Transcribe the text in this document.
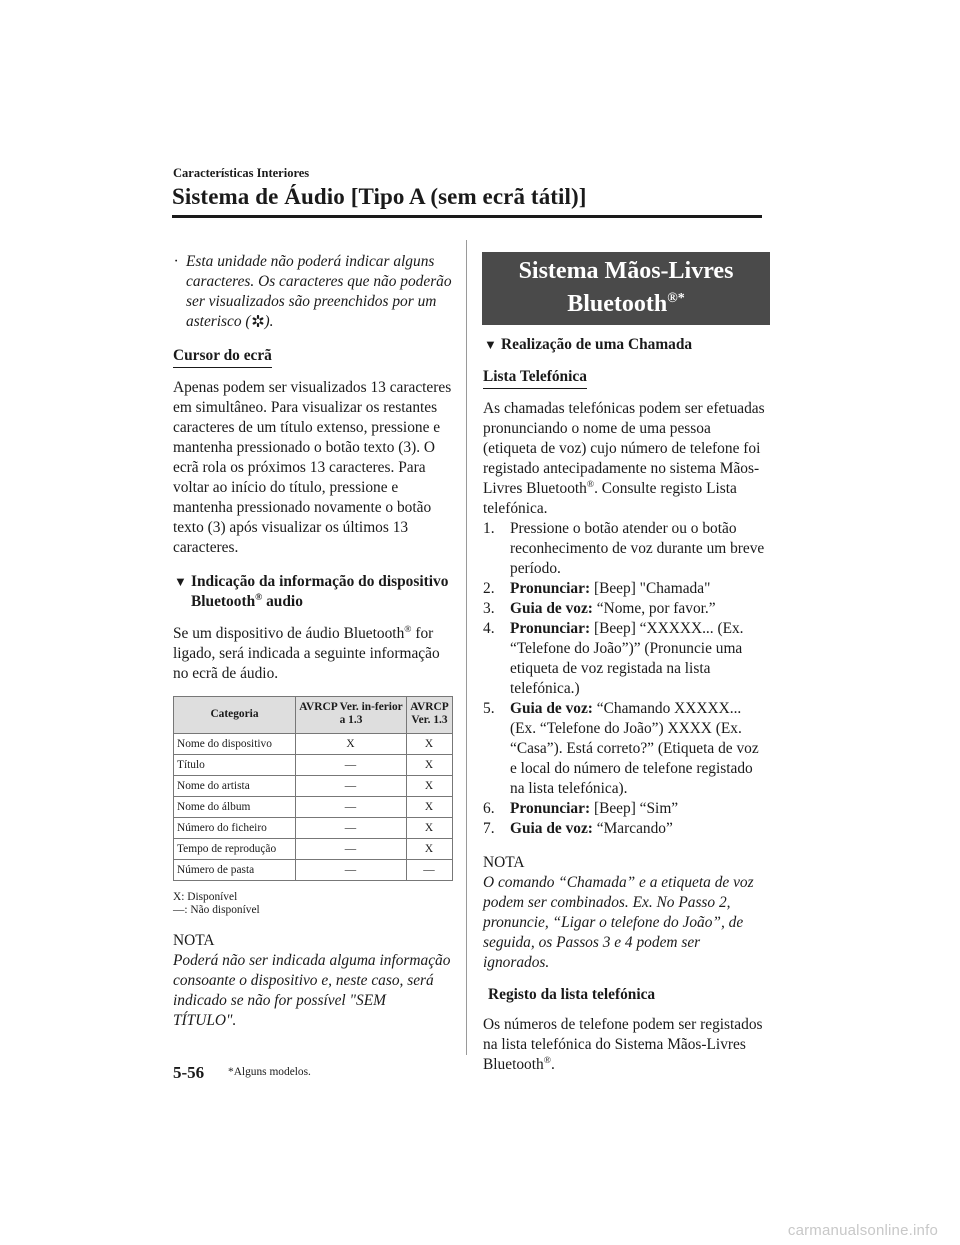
Características Interiores
Sistema de Áudio [Tipo A (sem ecrã tátil)]

· Esta unidade não poderá indicar alguns caracteres. Os caracteres que não poderão ser visualizados são preenchidos por um asterisco ( ).

Cursor do ecrã

Apenas podem ser visualizados 13 caracteres em simultâneo. Para visualizar os restantes caracteres de um título extenso, pressione e mantenha pressionado o botão texto (3). O ecrã rola os próximos 13 caracteres. Para voltar ao início do título, pressione e mantenha pressionado novamente o botão texto (3) após visualizar os últimos 13 caracteres.

▼ Indicação da informação do dispositivo Bluetooth® audio

Se um dispositivo de áudio Bluetooth® for ligado, será indicada a seguinte informação no ecrã de áudio.

Categoria	AVRCP Ver. in-ferior a 1.3	AVRCP Ver. 1.3
Nome do dispositivo	X	X
Título	—	X
Nome do artista	—	X
Nome do álbum	—	X
Número do ficheiro	—	X
Tempo de reprodução	—	X
Número de pasta	—	—

X: Disponível

—: Não disponível

NOTA

Poderá não ser indicada alguma informação consoante o dispositivo e, neste caso, será indicado se não for possível "SEM TÍTULO".

Sistema Mãos-Livres Bluetooth®*

▼ Realização de uma Chamada

Lista Telefónica

As chamadas telefónicas podem ser efetuadas pronunciando o nome de uma pessoa (etiqueta de voz) cujo número de telefone foi registado antecipadamente no sistema Mãos-Livres Bluetooth®. Consulte registo Lista telefónica.

1. Pressione o botão atender ou o botão reconhecimento de voz durante um breve período.
2. Pronunciar: [Beep] "Chamada"
3. Guia de voz: “Nome, por favor.”
4. Pronunciar: [Beep] “XXXXX... (Ex. “Telefone do João”)” (Pronuncie uma etiqueta de voz registada na lista telefónica.)
5. Guia de voz: “Chamando XXXXX... (Ex. “Telefone do João”) XXXX (Ex. “Casa”). Está correto?” (Etiqueta de voz e local do número de telefone registado na lista telefónica).
6. Pronunciar: [Beep] “Sim”
7. Guia de voz: “Marcando”

NOTA

O comando “Chamada” e a etiqueta de voz podem ser combinados. Ex. No Passo 2, pronuncie, “Ligar o telefone do João”, de seguida, os Passos 3 e 4 podem ser ignorados.

Registo da lista telefónica

Os números de telefone podem ser registados na lista telefónica do Sistema Mãos-Livres Bluetooth®.

5-56 *Alguns modelos.
carmanualsonline.info
